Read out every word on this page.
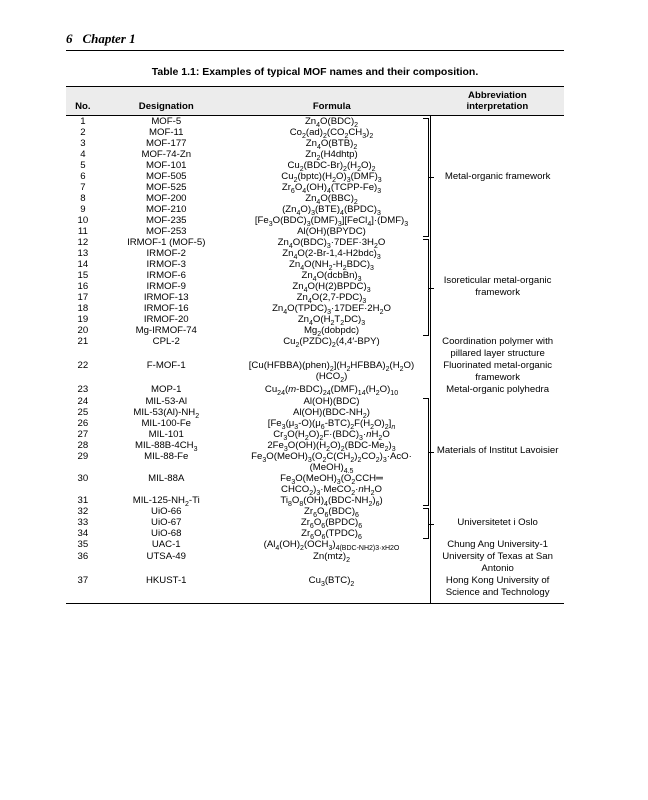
6 Chapter 1
Table 1.1: Examples of typical MOF names and their composition.
No.	Designation	Formula	Abbreviation
interpretation
1	MOF-5	$Zn_4O(BDC)_2$	Metal-organic framework
2	MOF-11	$Co_2(ad)_2(CO_2CH_3)_2$
3	MOF-177	$Zn_4O(BTB)_2$
4	MOF-74-Zn	$Zn_2(H4dhtp)$	
5	MOF-101	$Cu_2(BDC-Br)_2(H_2O)_2$
6	MOF-505	$Cu_2(bptc)(H_2O)_3(DMF)_3$
7	MOF-525	$Zr_6O_4(OH)_4(TCPP-Fe)_3$
8	MOF-200	$Zn_4O(BBC)_2$
9	MOF-210	$(Zn_4O)_3(BTE)_4(BPDC)_3$
10	MOF-235	$[Fe_3O(BDC)_3(DMF)_3][FeCl_4]\cdot(DMF)_3$
11	MOF-253	Al(OH)(BPYDC)	
12	IRMOF-1 (MOF-5)	$Zn_4O(BDC)_3\cdot 7DEF\cdot 3H_2O$	Isoreticular metal-organic framework
13	IRMOF-2	$Zn_4O(2-Br-1,4-H2bdc)_3$
14	IRMOF-3	$Zn_4O(NH_2-H_2BDC)_3$
15	IRMOF-6	$Zn_4O(dcbBn)_3$
16	IRMOF-9	$Zn_4O(H(2)BPDC)_3$
17	IRMOF-13	$Zn_4O(2,7-PDC)_3$
18	IRMOF-16	$Zn_4O(TPDC)_3\cdot 17DEF\cdot 2H_2O$	
19	IRMOF-20	$Zn_4O(H_2T_2DC)_3$
20	Mg-IRMOF-74	$Mg_2(dobpdc)$	
21	CPL-2	$Cu_2(PZDC)_2(4,4'-BPY)$	Coordination polymer with pillared layer structure
22	F-MOF-1	$[Cu(HFBBA)(phen)_2](H_2HFBBA)_2(H_2O)$
$(HCO_2)$	Fluorinated metal-organic framework
23	MOP-1	$Cu_{24}(m-BDC)_{24}(DMF)_{14}(H_2O)_{10}$	Metal-organic polyhedra
24	MIL-53-Al	Al(OH)(BDC)	Materials of Institut Lavoisier
25	MIL-$53(Al)-NH_2$	$Al(OH)(BDC-NH_2)$	
26	MIL-100-Fe	$[Fe_3(\mu_3-O)(\mu_6-BTC)_2F(H_2O)_2]_n$
27	MIL-101	$Cr_3O(H_2O)_2F\cdot(BDC)_3\cdot nH_2O$	
28	MIL-$88B-4CH_3$	$2Fe_3O(OH)(H_2O)_2(BDC-Me_2)_3$
29	MIL-88-Fe	$Fe_3O(MeOH)_3(O_2C(CH_2)_2CO_2)_3\cdot AcO\cdot$
$(MeOH)_{4.5}$
30	MIL-88A	$Fe_3O(MeOH)_3(O_2CCH═$
$CHCO_2)_3\cdot MeCO_2\cdot nH_2O$	
31	MIL-$125-NH_2-Ti$	$Ti_8O_8(OH)_4(BDC-NH_2)_6$)	
32	UiO-66	$Zr_6O_6(BDC)_6$	Universitetet i Oslo
33	UiO-67	$Zr_6O_6(BPDC)_6$
34	UiO-68	$Zr_6O_6(TPDC)_6$
35	UAC-1	($Al_4(OH)_2(OCH_3)_{4(BDC-NH2)3\cdot xH2O}$	Chung Ang University-1
36	UTSA-49	$Zn(mtz)_2$	University of Texas at San Antonio
37	HKUST-1	$Cu_3(BTC)_2$	Hong Kong University of Science and Technology
